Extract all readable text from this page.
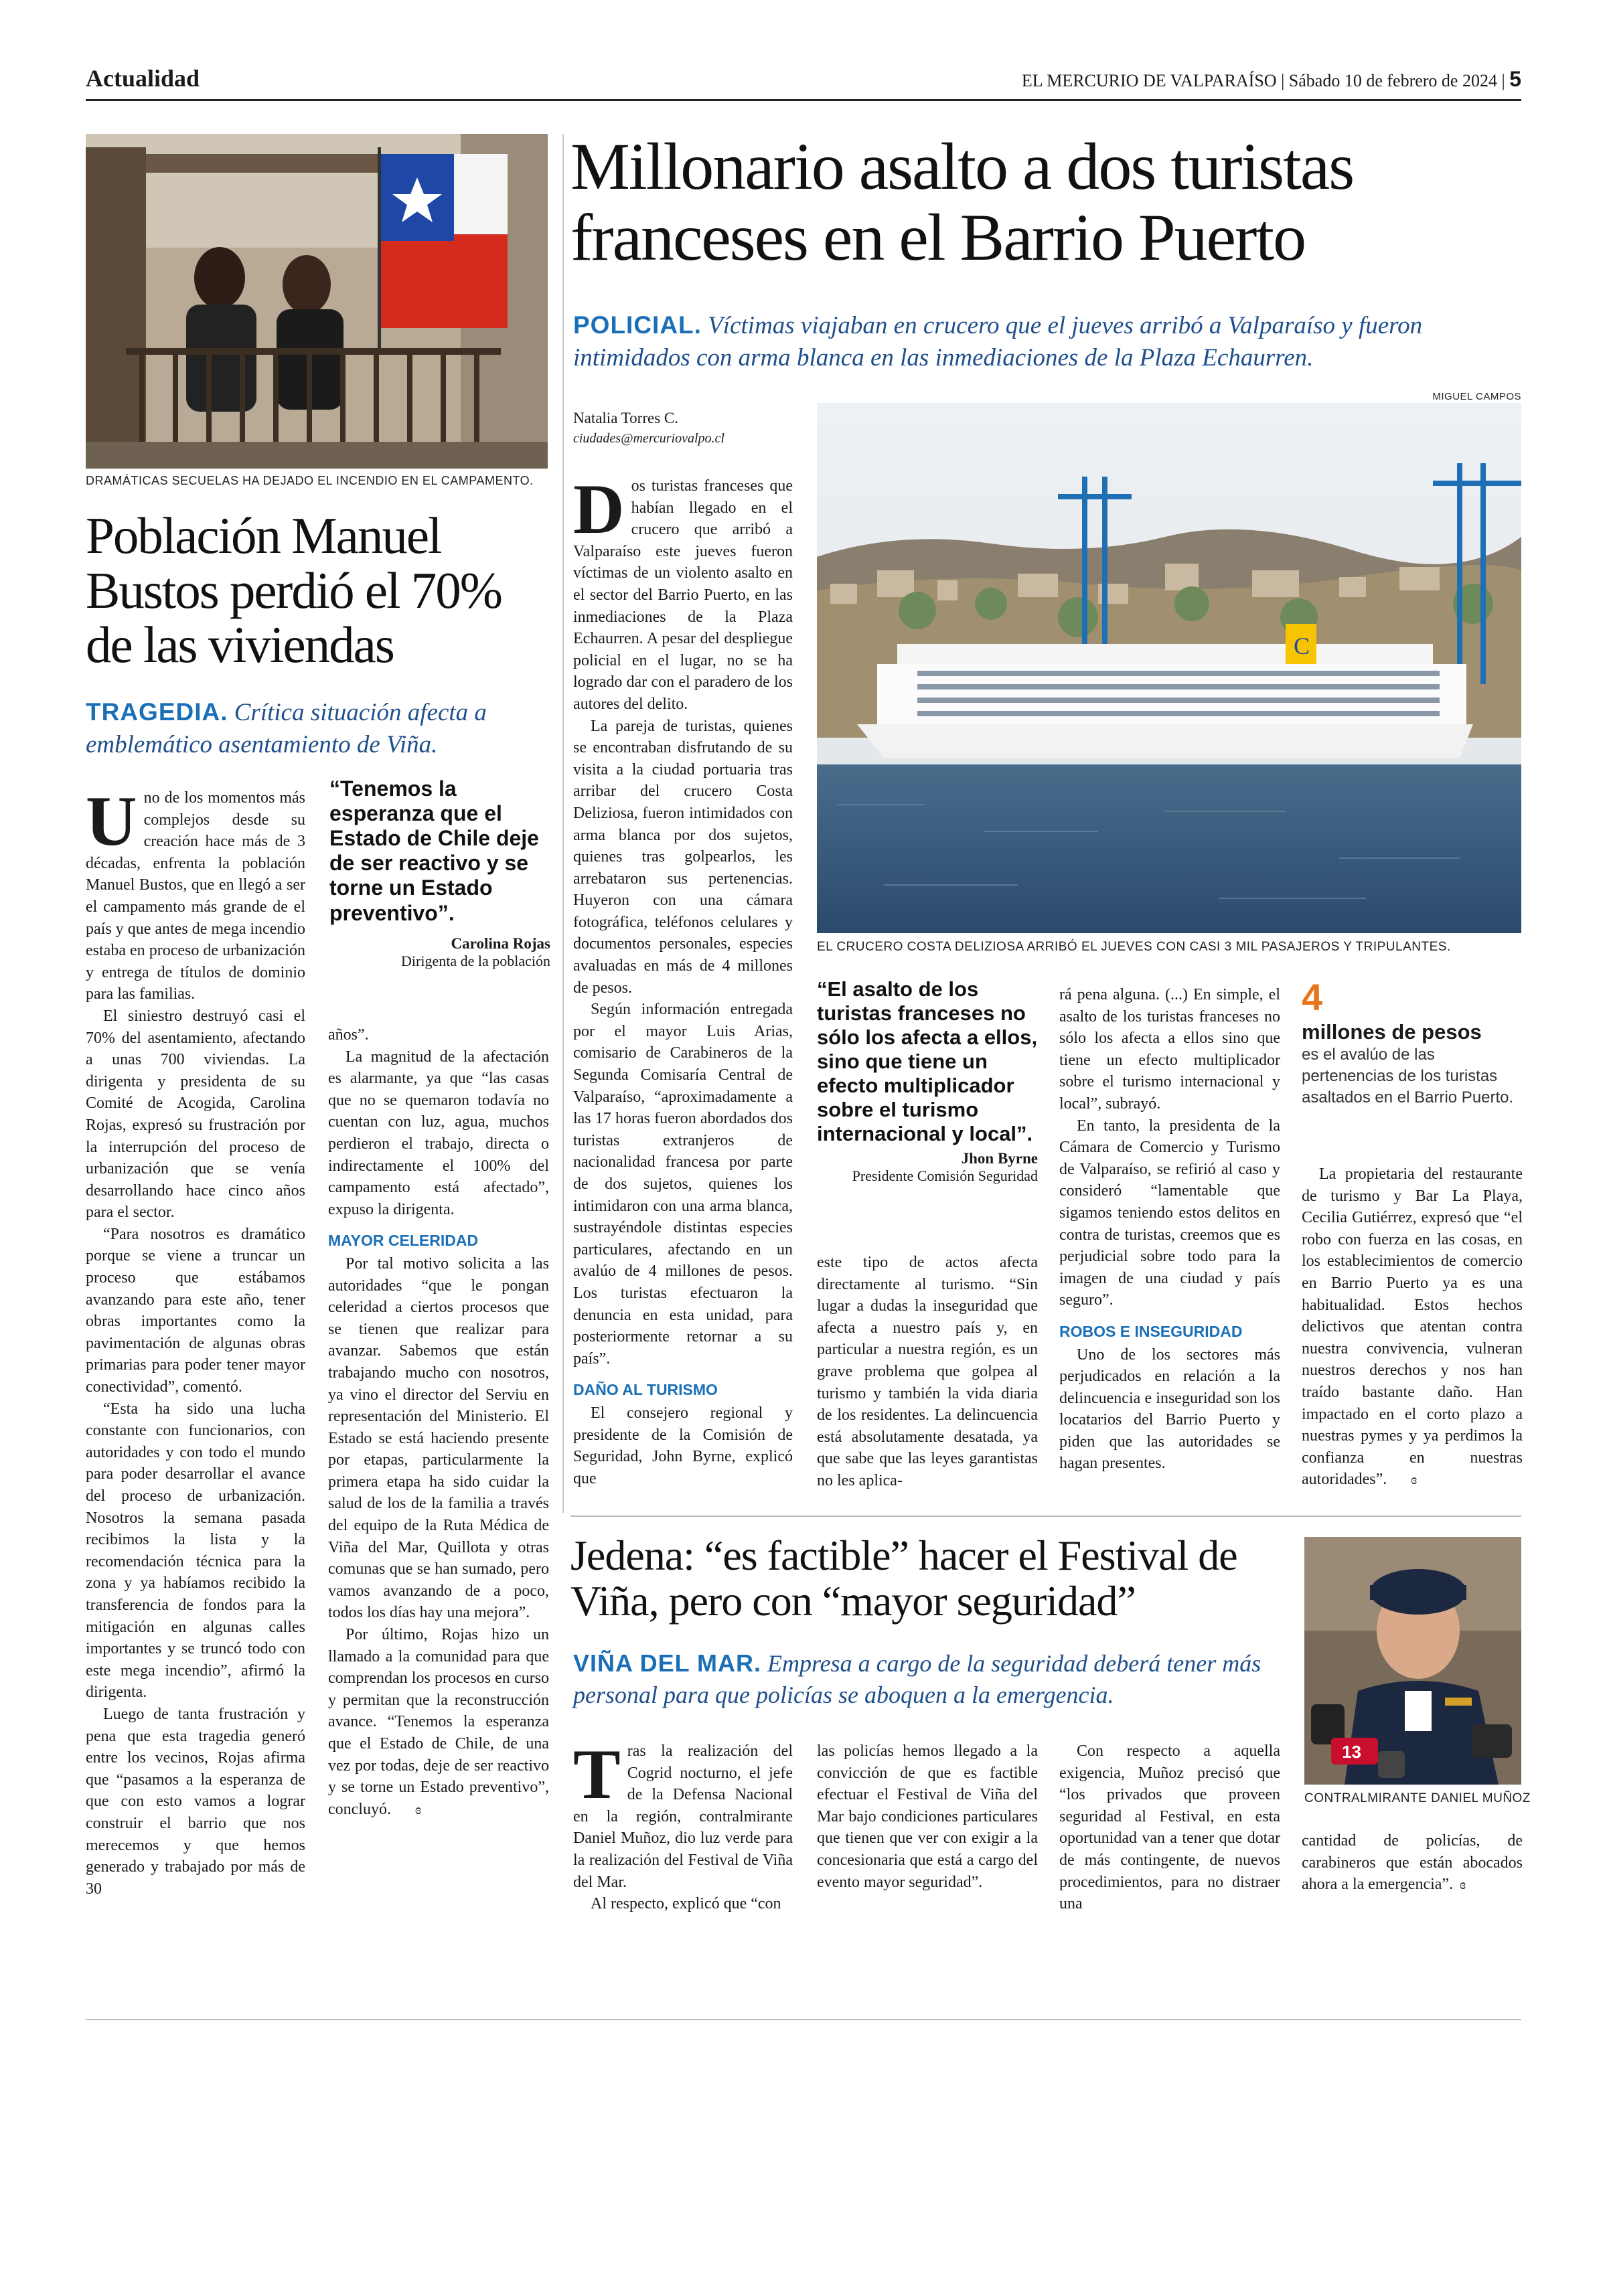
Actualidad	EL MERCURIO DE VALPARAÍSO | Sábado 10 de febrero de 2024 | 5
DRAMÁTICAS SECUELAS HA DEJADO EL INCENDIO EN EL CAMPAMENTO.
Población Manuel Bustos perdió el 70% de las viviendas
TRAGEDIA. Crítica situación afecta a emblemático asentamiento de Viña.
U no de los momentos más complejos desde su creación hace más de 3 décadas, enfrenta la población Manuel Bustos, que en llegó a ser el campamento más grande de el país y que antes de mega incendio estaba en proceso de urbanización y entrega de títulos de dominio para las familias.

El siniestro destruyó casi el 70% del asentamiento, afectando a unas 700 viviendas. La dirigenta y presidenta de su Comité de Acogida, Carolina Rojas, expresó su frustración por la interrupción del proceso de urbanización que se venía desarrollando hace cinco años para el sector.

“Para nosotros es dramático porque se viene a truncar un proceso que estábamos avanzando para este año, tener obras importantes como la pavimentación de algunas obras primarias para poder tener mayor conectividad”, comentó.

“Esta ha sido una lucha constante con funcionarios, con autoridades y con todo el mundo para poder desarrollar el avance del proceso de urbanización. Nosotros la semana pasada recibimos la lista y la recomendación técnica para la zona y ya habíamos recibido la transferencia de fondos para la mitigación en algunas calles importantes y se truncó todo con este mega incendio”, afirmó la dirigenta.

Luego de tanta frustración y pena que esta tragedia generó entre los vecinos, Rojas afirma que “pasamos a la esperanza de que con esto vamos a lograr construir el barrio que nos merecemos y que hemos generado y trabajado por más de 30

“Tenemos la esperanza que el Estado de Chile deje de ser reactivo y se torne un Estado preventivo”.
Carolina Rojas
Dirigenta de la población

años”.

La magnitud de la afectación es alarmante, ya que “las casas que no se quemaron todavía no cuentan con luz, agua, muchos perdieron el trabajo, directa o indirectamente el 100% del campamento está afectado”, expuso la dirigenta.

MAYOR CELERIDAD

Por tal motivo solicita a las autoridades “que le pongan celeridad a ciertos procesos que se tienen que realizar para avanzar. Sabemos que están trabajando mucho con nosotros, ya vino el director del Serviu en representación del Ministerio. El Estado se está haciendo presente por etapas, particularmente la primera etapa ha sido cuidar la salud de los de la familia a través del equipo de la Ruta Médica de Viña del Mar, Quillota y otras comunas que se han sumado, pero vamos avanzando de a poco, todos los días hay una mejora”.

Por último, Rojas hizo un llamado a la comunidad para que comprendan los procesos en curso y permitan que la reconstrucción avance. “Tenemos la esperanza que el Estado de Chile, de una vez por todas, deje de ser reactivo y se torne un Estado preventivo”, concluyó. ɞ

Millonario asalto a dos turistas franceses en el Barrio Puerto
POLICIAL. Víctimas viajaban en crucero que el jueves arribó a Valparaíso y fueron intimidados con arma blanca en las inmediaciones de la Plaza Echaurren.
Natalia Torres C.
ciudades@mercuriovalpo.cl
MIGUEL CAMPOS
C
EL CRUCERO COSTA DELIZIOSA ARRIBÓ EL JUEVES CON CASI 3 MIL PASAJEROS Y TRIPULANTES.
D os turistas franceses que habían llegado en el crucero que arribó a Valparaíso este jueves fueron víctimas de un violento asalto en el sector del Barrio Puerto, en las inmediaciones de la Plaza Echaurren. A pesar del despliegue policial en el lugar, no se ha logrado dar con el paradero de los autores del delito.

La pareja de turistas, quienes se encontraban disfrutando de su visita a la ciudad portuaria tras arribar del crucero Costa Deliziosa, fueron intimidados con arma blanca por dos sujetos, quienes tras golpearlos, les arrebataron sus pertenencias. Huyeron con una cámara fotográfica, teléfonos celulares y documentos personales, especies avaluadas en más de 4 millones de pesos.

Según información entregada por el mayor Luis Arias, comisario de Carabineros de la Segunda Comisaría Central de Valparaíso, “aproximadamente a las 17 horas fueron abordados dos turistas extranjeros de nacionalidad francesa por parte de dos sujetos, quienes los intimidaron con una arma blanca, sustrayéndole distintas especies particulares, afectando en un avalúo de 4 millones de pesos. Los turistas efectuaron la denuncia en esta unidad, para posteriormente retornar a su país”.

DAÑO AL TURISMO

El consejero regional y presidente de la Comisión de Seguridad, John Byrne, explicó que

“El asalto de los turistas franceses no sólo los afecta a ellos, sino que tiene un efecto multiplicador sobre el turismo internacional y local”.
Jhon Byrne
Presidente Comisión Seguridad

este tipo de actos afecta directamente al turismo. “Sin lugar a dudas la inseguridad que afecta a nuestro país y, en particular a nuestra región, es un grave problema que golpea al turismo y también la vida diaria de los residentes. La delincuencia está absolutamente desatada, ya que sabe que las leyes garantistas no les aplica-

rá pena alguna. (...) En simple, el asalto de los turistas franceses no sólo los afecta a ellos sino que tiene un efecto multiplicador sobre el turismo internacional y local”, subrayó.

En tanto, la presidenta de la Cámara de Comercio y Turismo de Valparaíso, se refirió al caso y consideró “lamentable que sigamos teniendo estos delitos en contra de turistas, creemos que es perjudicial sobre todo para la imagen de una ciudad y país seguro”.

ROBOS E INSEGURIDAD

Uno de los sectores más perjudicados en relación a la delincuencia e inseguridad son los locatarios del Barrio Puerto y piden que las autoridades se hagan presentes.

4
millones de pesos
es el avalúo de las pertenencias de los turistas asaltados en el Barrio Puerto.

La propietaria del restaurante de turismo y Bar La Playa, Cecilia Gutiérrez, expresó que “el robo con fuerza en las cosas, en los establecimientos de comercio en Barrio Puerto ya es una habitualidad. Estos hechos delictivos que atentan contra nuestra convivencia, vulneran nuestros derechos y nos han traído bastante daño. Han impactado en el corto plazo a nuestras pymes y ya perdimos la confianza en nuestras autoridades”. ɞ

Jedena: “es factible” hacer el Festival de Viña, pero con “mayor seguridad”
VIÑA DEL MAR. Empresa a cargo de la seguridad deberá tener más personal para que policías se aboquen a la emergencia.
13
CONTRALMIRANTE DANIEL MUÑOZ
T ras la realización del Cogrid nocturno, el jefe de la Defensa Nacional en la región, contralmirante Daniel Muñoz, dio luz verde para la realización del Festival de Viña del Mar.

Al respecto, explicó que “con

las policías hemos llegado a la convicción de que es factible efectuar el Festival de Viña del Mar bajo condiciones particulares que tienen que ver con exigir a la concesionaria que está a cargo del evento mayor seguridad”.

Con respecto a aquella exigencia, Muñoz precisó que “los privados que proveen seguridad al Festival, en esta oportunidad van a tener que dotar de más contingente, de nuevos procedimientos, para no distraer una

cantidad de policías, de carabineros que están abocados ahora a la emergencia”. ɞ
